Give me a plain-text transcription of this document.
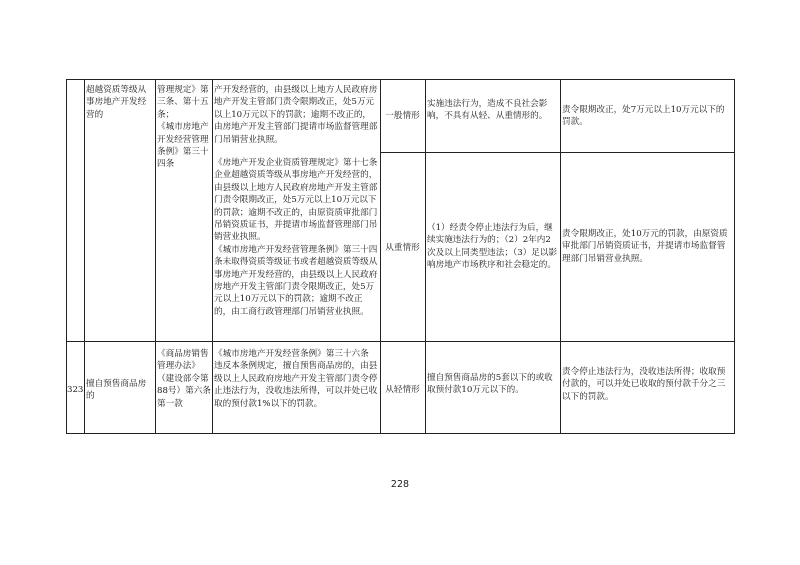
超越资质等级从事房地产开发经营的
管理规定》第三条、第十五条；
《城市房地产开发经营管理条例》第三十四条
产开发经营的，由县级以上地方人民政府房地产开发主管部门责令限期改正，处5万元以上10万元以下的罚款；逾期不改正的，由房地产开发主管部门提请市场监督管理部门吊销营业执照。
一般情形
实施违法行为，造成不良社会影响，不具有从轻、从重情形的。
责令限期改正，处7万元以上10万元以下的罚款。
《房地产开发企业资质管理规定》第十七条企业超越资质等级从事房地产开发经营的，由县级以上地方人民政府房地产开发主管部门责令限期改正，处5万元以上10万元以下的罚款；逾期不改正的，由原资质审批部门吊销资质证书，并提请市场监督管理部门吊销营业执照。
《城市房地产开发经营管理条例》第三十四条未取得资质等级证书或者超越资质等级从事房地产开发经营的，由县级以上人民政府房地产开发主管部门责令限期改正，处5万元以上10万元以下的罚款；逾期不改正的，由工商行政管理部门吊销营业执照。
从重情形
（1）经责令停止违法行为后，继续实施违法行为的；（2）2年内2次及以上同类型违法；（3）足以影响房地产市场秩序和社会稳定的。
责令限期改正，处10万元的罚款，由原资质审批部门吊销资质证书，并提请市场监督管理部门吊销营业执照。
323
擅自预售商品房的
《商品房销售管理办法》（建设部令第88号）第六条第一款
《城市房地产开发经营条例》第三十六条 违反本条例规定，擅自预售商品房的，由县级以上人民政府房地产开发主管部门责令停止违法行为，没收违法所得，可以并处已收取的预付款1%以下的罚款。
从轻情形
擅自预售商品房的5套以下的或收取预付款10万元以下的。
责令停止违法行为，没收违法所得；收取预付款的，可以并处已收取的预付款千分之三以下的罚款。
228
